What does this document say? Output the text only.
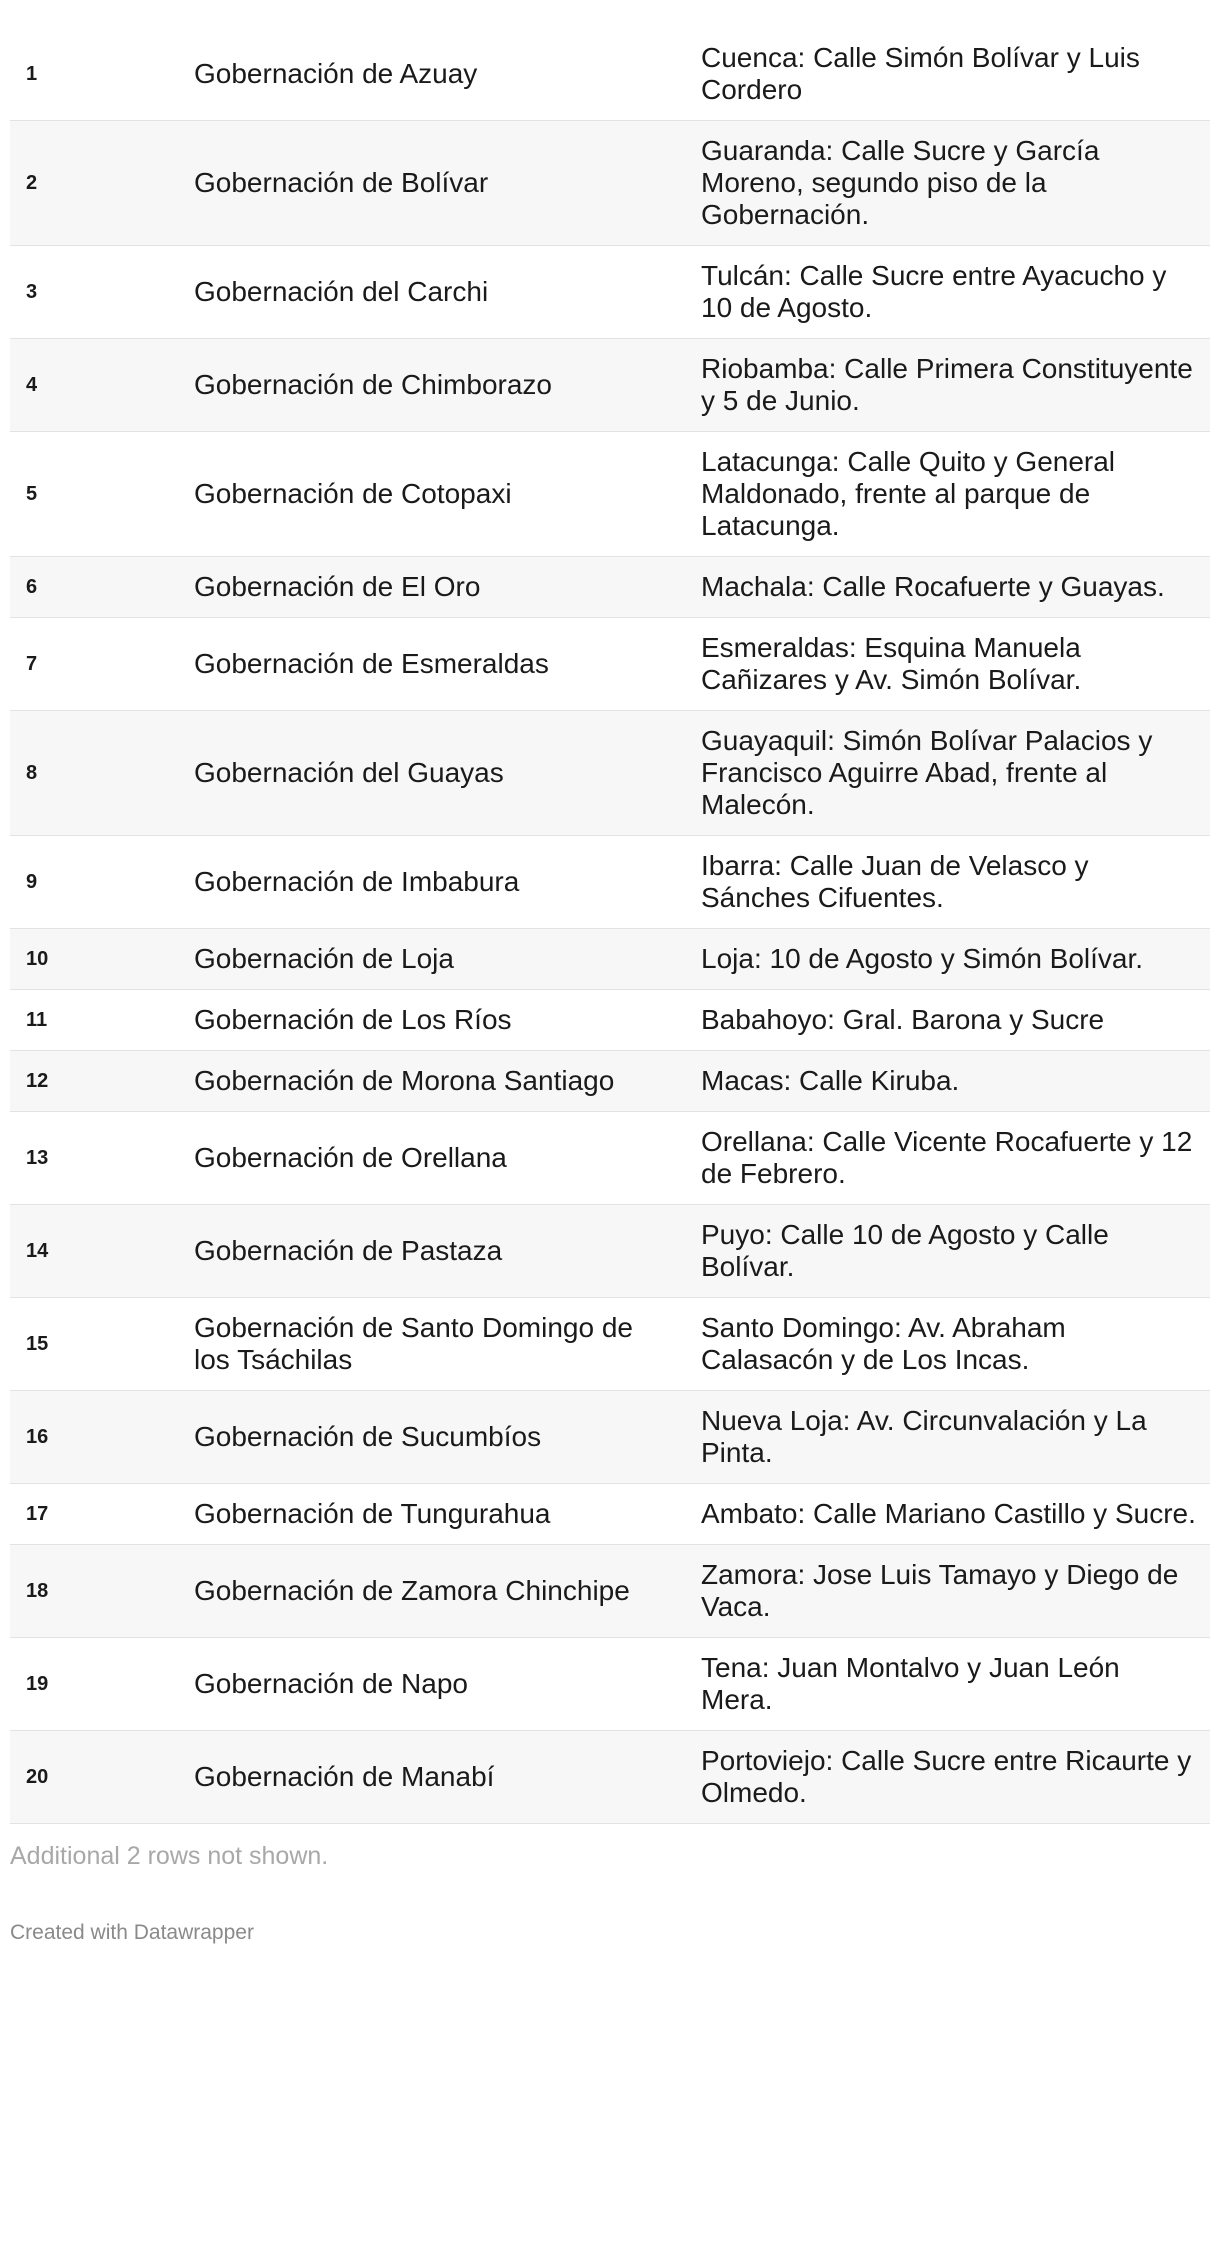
1	Gobernación de Azuay	Cuenca: Calle Simón Bolívar y Luis Cordero
2	Gobernación de Bolívar	Guaranda: Calle Sucre y García Moreno, segundo piso de la Gobernación.
3	Gobernación del Carchi	Tulcán: Calle Sucre entre Ayacucho y 10 de Agosto.
4	Gobernación de Chimborazo	Riobamba: Calle Primera Constituyente y 5 de Junio.
5	Gobernación de Cotopaxi	Latacunga: Calle Quito y General Maldonado, frente al parque de Latacunga.
6	Gobernación de El Oro	Machala: Calle Rocafuerte y Guayas.
7	Gobernación de Esmeraldas	Esmeraldas: Esquina Manuela Cañizares y Av. Simón Bolívar.
8	Gobernación del Guayas	Guayaquil: Simón Bolívar Palacios y Francisco Aguirre Abad, frente al Malecón.
9	Gobernación de Imbabura	Ibarra: Calle Juan de Velasco y Sánches Cifuentes.
10	Gobernación de Loja	Loja: 10 de Agosto y Simón Bolívar.
11	Gobernación de Los Ríos	Babahoyo: Gral. Barona y Sucre
12	Gobernación de Morona Santiago	Macas: Calle Kiruba.
13	Gobernación de Orellana	Orellana: Calle Vicente Rocafuerte y 12 de Febrero.
14	Gobernación de Pastaza	Puyo: Calle 10 de Agosto y Calle Bolívar.
15	Gobernación de Santo Domingo de los Tsáchilas	Santo Domingo: Av. Abraham Calasacón y de Los Incas.
16	Gobernación de Sucumbíos	Nueva Loja: Av. Circunvalación y La Pinta.
17	Gobernación de Tungurahua	Ambato: Calle Mariano Castillo y Sucre.
18	Gobernación de Zamora Chinchipe	Zamora: Jose Luis Tamayo y Diego de Vaca.
19	Gobernación de Napo	Tena: Juan Montalvo y Juan León Mera.
20	Gobernación de Manabí	Portoviejo: Calle Sucre entre Ricaurte y Olmedo.
Additional 2 rows not shown.
Created with Datawrapper
